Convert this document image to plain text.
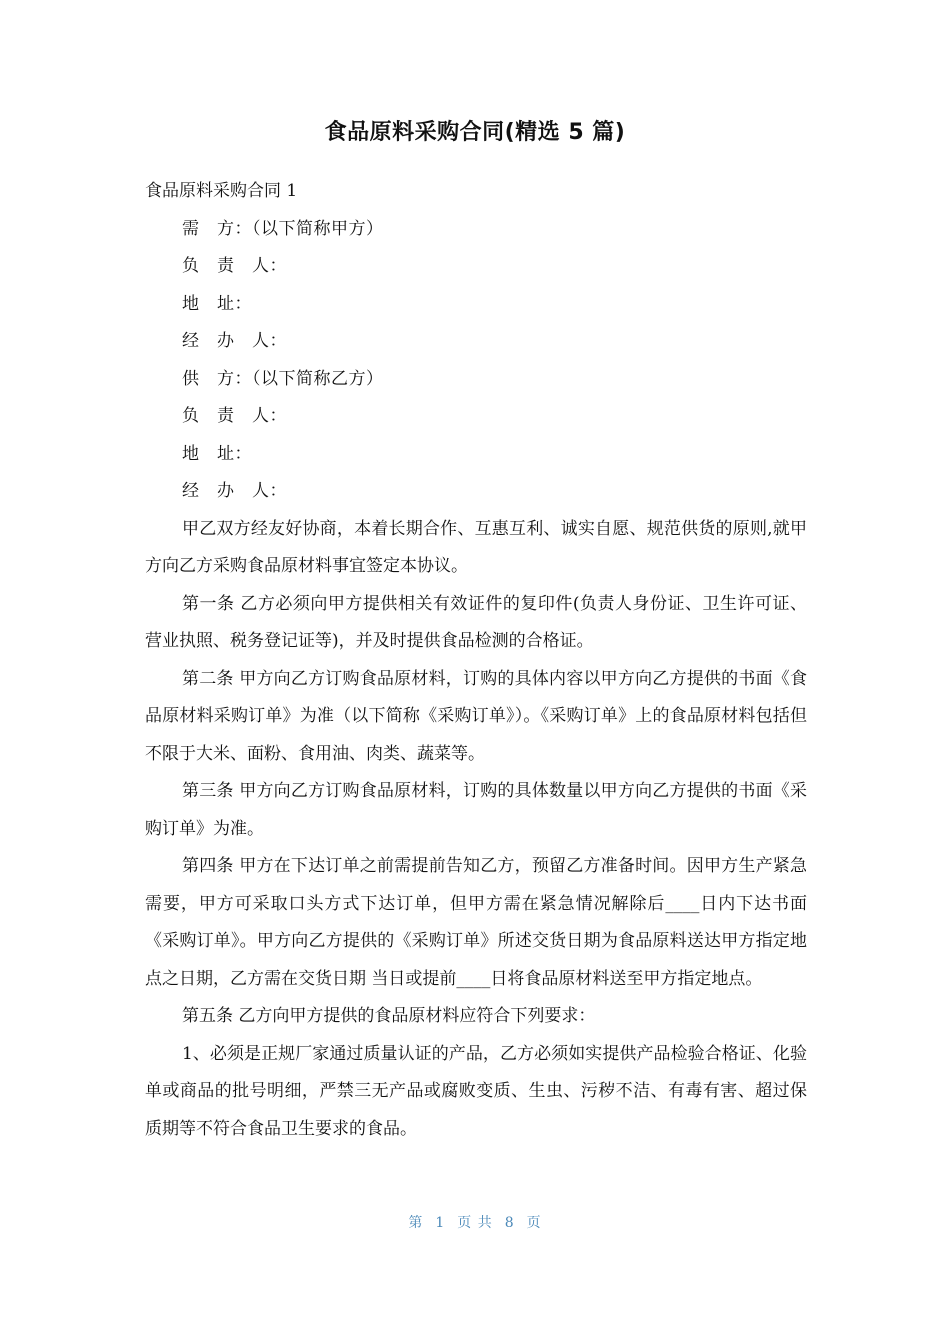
食品原料采购合同(精选 5 篇)

食品原料采购合同 1

需　方：（以下简称甲方）

负　责　人：

地　址：

经　办　人：

供　方：（以下简称乙方）

负　责　人：

地　址：

经　办　人：

甲乙双方经友好协商，本着长期合作、互惠互利、诚实自愿、规范供货的原则,就甲方向乙方采购食品原材料事宜签定本协议。

第一条 乙方必须向甲方提供相关有效证件的复印件(负责人身份证、卫生许可证、 营业执照、税务登记证等)，并及时提供食品检测的合格证。

第二条 甲方向乙方订购食品原材料，订购的具体内容以甲方向乙方提供的书面《食品原材料采购订单》为准（以下简称《采购订单》）。《采购订单》上的食品原材料包括但不限于大米、面粉、食用油、肉类、蔬菜等。

第三条 甲方向乙方订购食品原材料，订购的具体数量以甲方向乙方提供的书面《采购订单》为准。

第四条 甲方在下达订单之前需提前告知乙方，预留乙方准备时间。因甲方生产紧急需要，甲方可采取口头方式下达订单，但甲方需在紧急情况解除后____日内下达书面《采购订单》。甲方向乙方提供的《采购订单》所述交货日期为食品原料送达甲方指定地点之日期，乙方需在交货日期 当日或提前____日将食品原材料送至甲方指定地点。

第五条 乙方向甲方提供的食品原材料应符合下列要求：

1、必须是正规厂家通过质量认证的产品，乙方必须如实提供产品检验合格证、化验单或商品的批号明细，严禁三无产品或腐败变质、生虫、污秽不洁、有毒有害、超过保质期等不符合食品卫生要求的食品。

第 1 页 共 8 页
